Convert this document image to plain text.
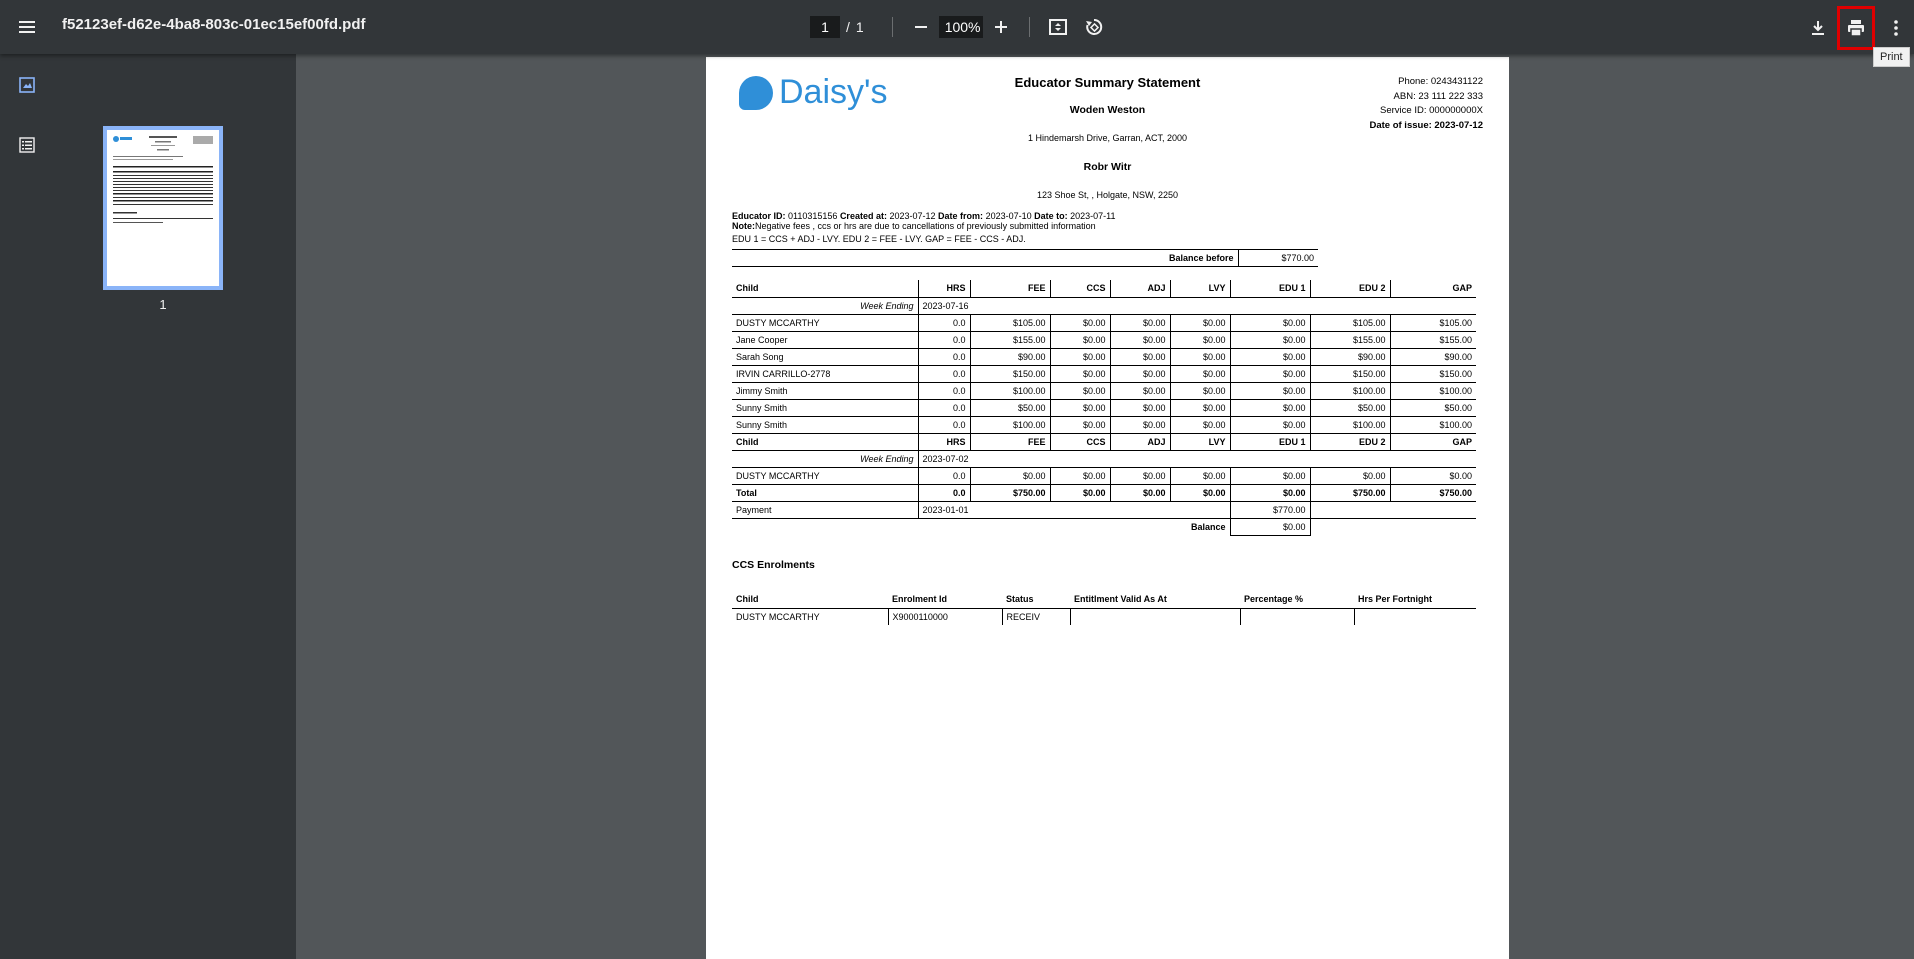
f52123ef-d62e-4ba8-803c-01ec15ef00fd.pdf	1	/ 1	100%
Print
1
Daisy's	Educator Summary Statement
Woden Weston
1 Hindemarsh Drive, Garran, ACT, 2000
Robr Witr
123 Shoe St, , Holgate, NSW, 2250
Phone: 0243431122
ABN: 23 111 222 333
Service ID: 000000000X
Date of issue: 2023-07-12
Educator ID: 0110315156 Created at: 2023-07-12 Date from: 2023-07-10 Date to: 2023-07-11
Note:Negative fees , ccs or hrs are due to cancellations of previously submitted information
EDU 1 = CCS + ADJ - LVY. EDU 2 = FEE - LVY. GAP = FEE - CCS - ADJ.
Balance before	$770.00
Child	HRS	FEE	CCS	ADJ	LVY	EDU 1	EDU 2	GAP
Week Ending	2023-07-16							
DUSTY MCCARTHY	0.0	$105.00	$0.00	$0.00	$0.00	$0.00	$105.00	$105.00
Jane Cooper	0.0	$155.00	$0.00	$0.00	$0.00	$0.00	$155.00	$155.00
Sarah Song	0.0	$90.00	$0.00	$0.00	$0.00	$0.00	$90.00	$90.00
IRVIN CARRILLO-2778	0.0	$150.00	$0.00	$0.00	$0.00	$0.00	$150.00	$150.00
Jimmy Smith	0.0	$100.00	$0.00	$0.00	$0.00	$0.00	$100.00	$100.00
Sunny Smith	0.0	$50.00	$0.00	$0.00	$0.00	$0.00	$50.00	$50.00
Sunny Smith	0.0	$100.00	$0.00	$0.00	$0.00	$0.00	$100.00	$100.00
Child	HRS	FEE	CCS	ADJ	LVY	EDU 1	EDU 2	GAP
Week Ending	2023-07-02							
DUSTY MCCARTHY	0.0	$0.00	$0.00	$0.00	$0.00	$0.00	$0.00	$0.00
Total	0.0	$750.00	$0.00	$0.00	$0.00	$0.00	$750.00	$750.00
Payment	2023-01-01					$770.00		
Balance						$0.00		
CCS Enrolments
Child	Enrolment Id	Status	Entitlment Valid As At	Percentage %	Hrs Per Fortnight
DUSTY MCCARTHY	X9000110000	RECEIV			
